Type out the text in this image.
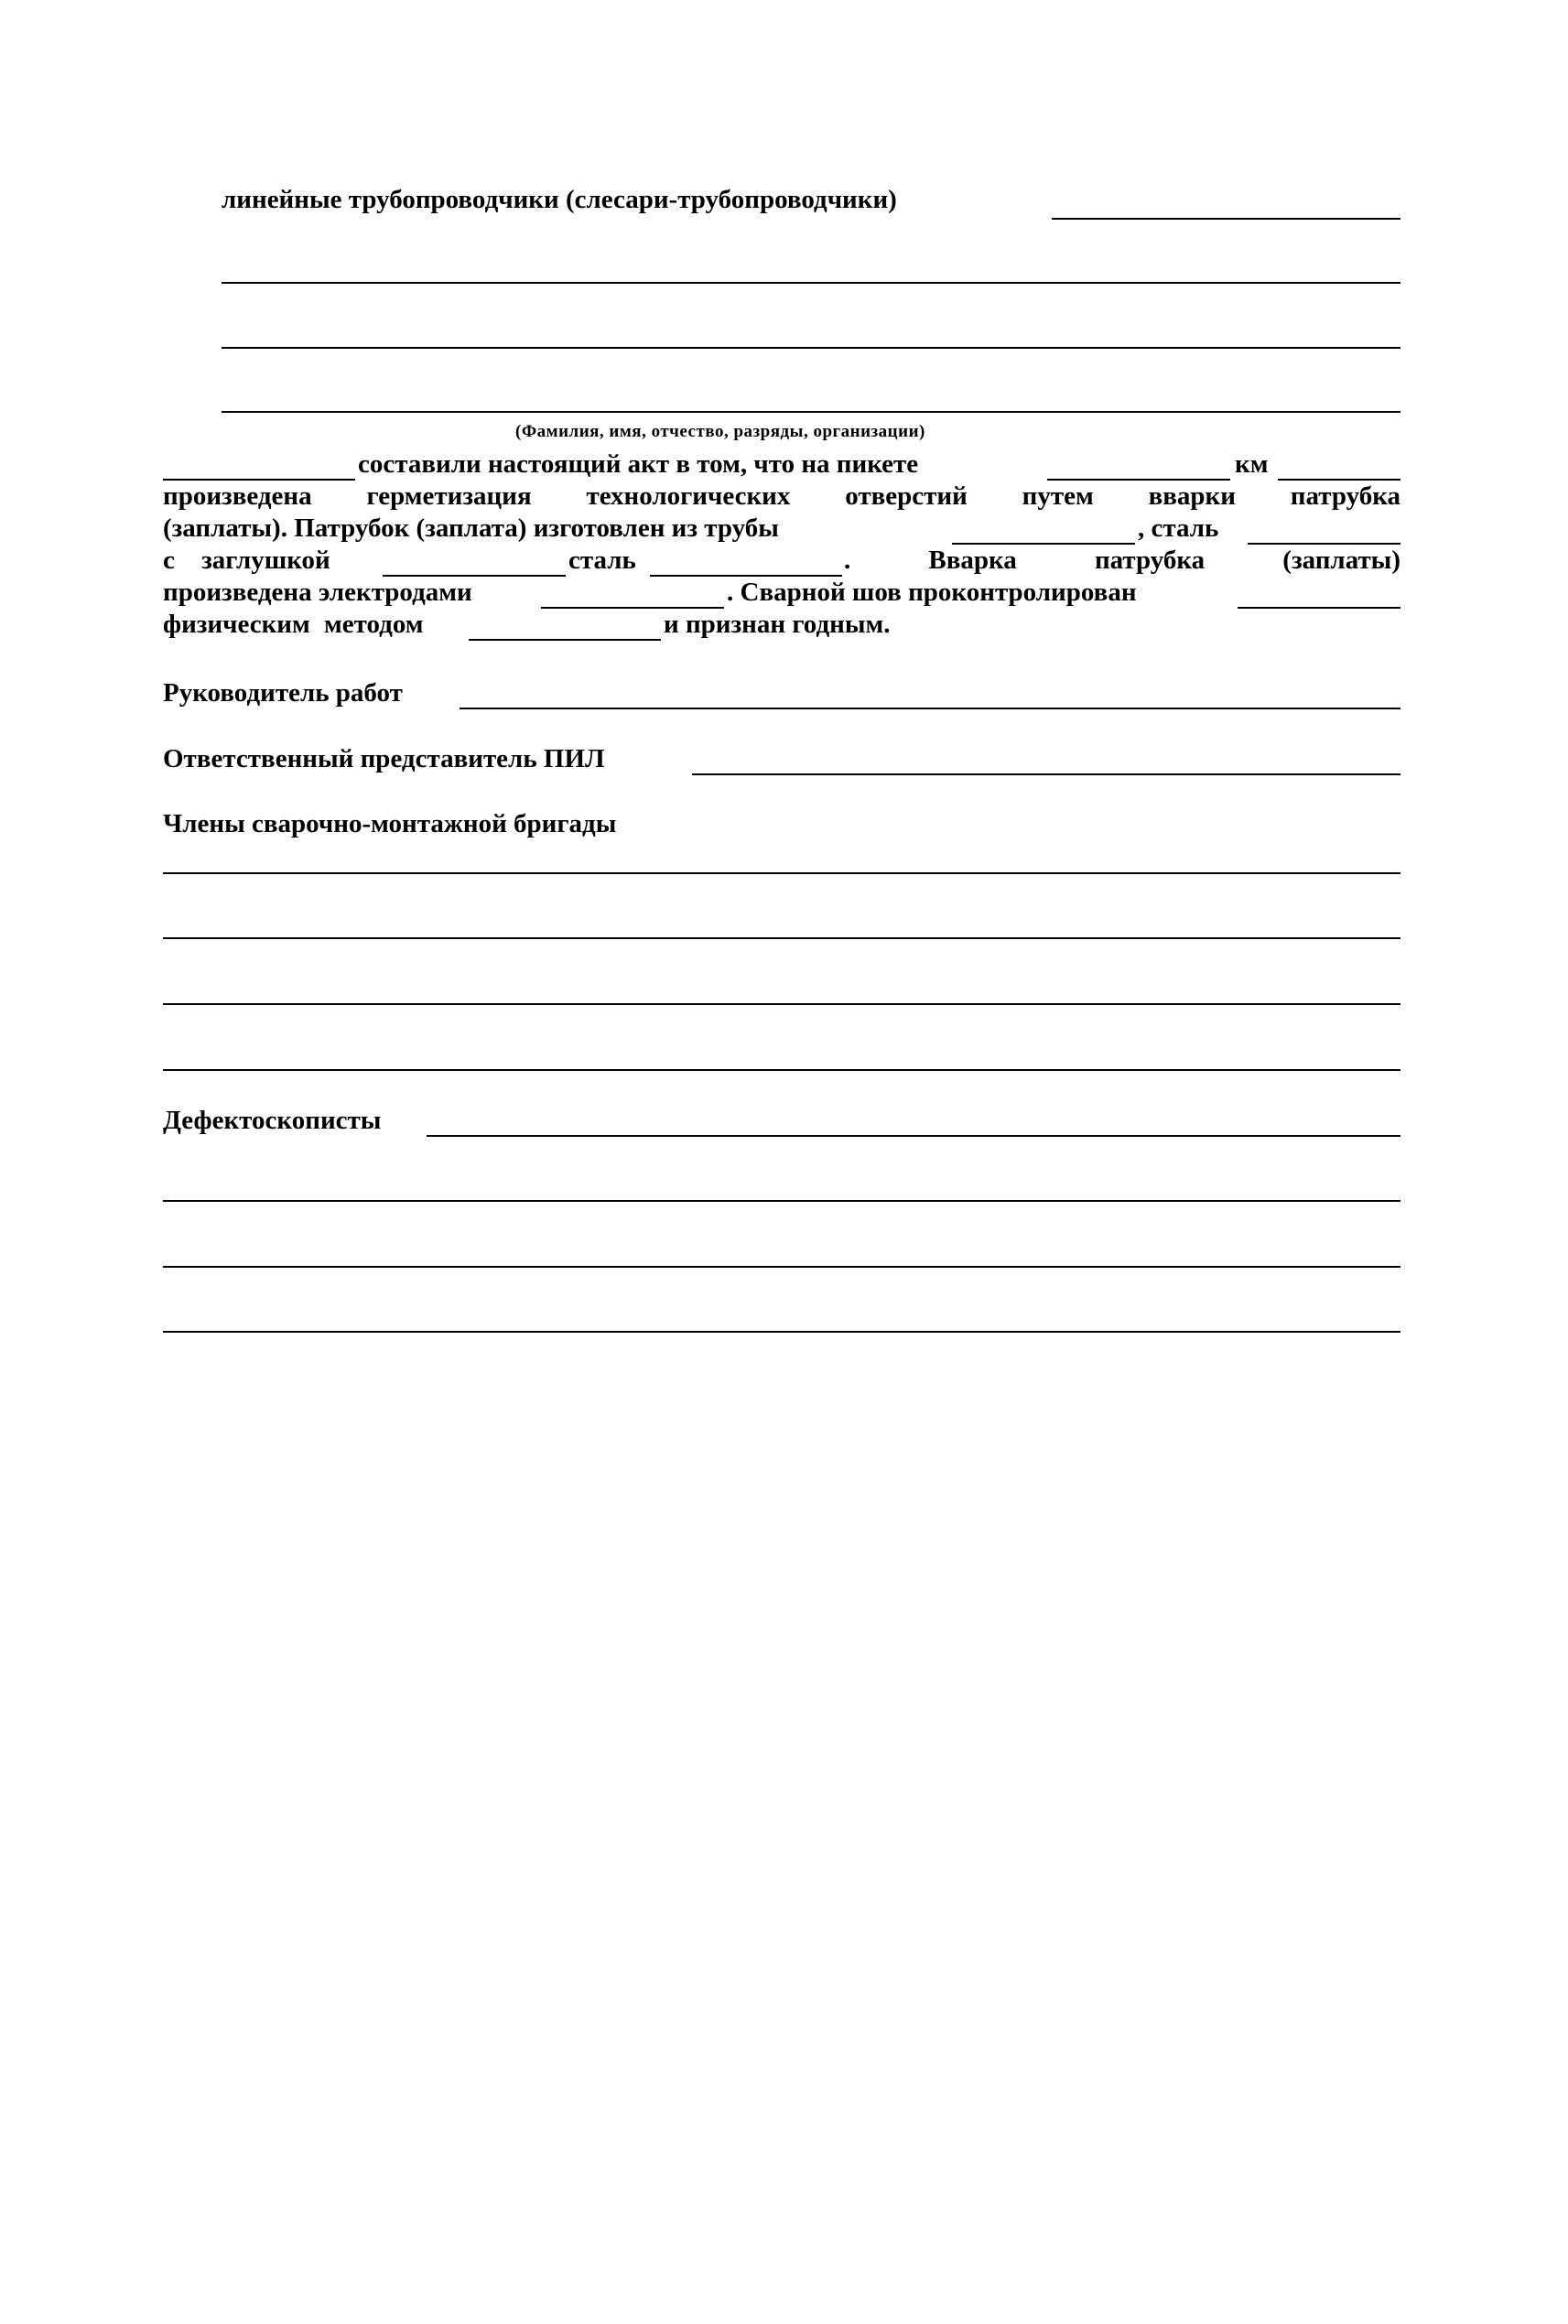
линейные трубопроводчики (слесари-трубопроводчики)
(Фамилия, имя, отчество, разряды, организации)
составили настоящий акт в том, что на пикете	км
произведена герметизация технологических отверстий путем вварки патрубка
(заплаты). Патрубок (заплата) изготовлен из трубы	, сталь
с заглушкой	сталь	.	Вварка	патрубка	(заплаты)
произведена электродами	. Сварной шов проконтролирован
физическим методом	и признан годным.
Руководитель работ
Ответственный представитель ПИЛ
Члены сварочно-монтажной бригады
Дефектоскописты
